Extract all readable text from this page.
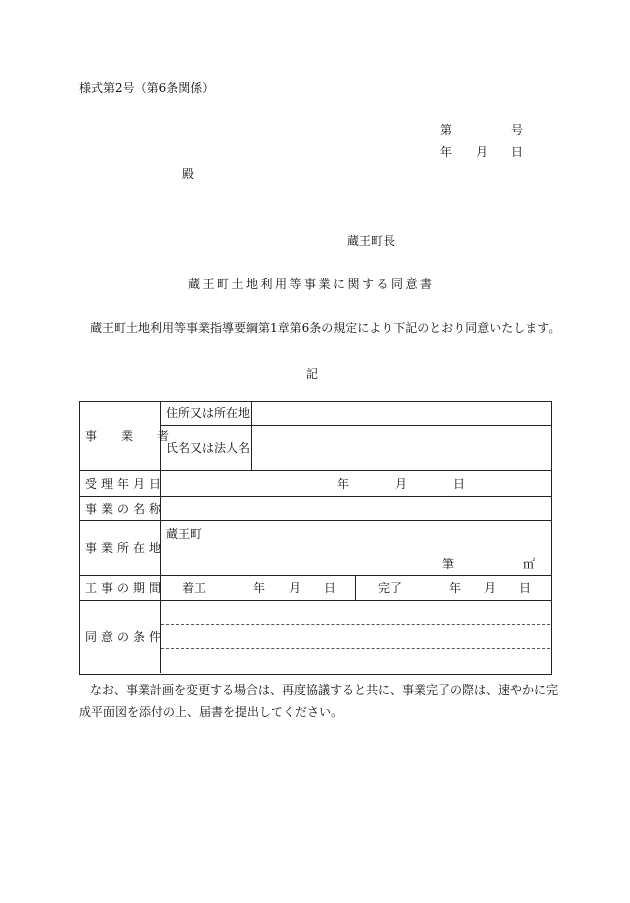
様式第2号（第6条関係）
第	号
年 月 日
殿
蔵王町長
蔵王町土地利用等事業に関する同意書
蔵王町土地利用等事業指導要綱第1章第6条の規定により下記のとおり同意いたします。
記
事　業　者
住所又は所在地
氏名又は法人名
受理年月日	年	月	日
事業の名称
事業所在地
蔵王町
筆	㎡
工事の期間 着工	年 月 日	完了	年 月 日
同意の条件
なお、事業計画を変更する場合は、再度協議すると共に、事業完了の際は、速やかに完
成平面図を添付の上、届書を提出してください。
